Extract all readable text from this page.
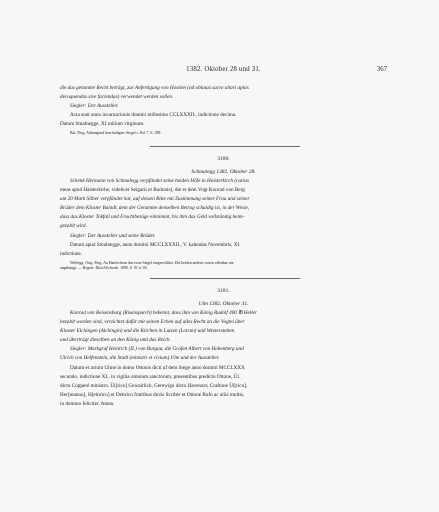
1382. Oktober 28 und 31.	367

die das genannte Recht beträgt, zur Anfertigung von Hostien (ad oblatas sacro altari aptas

decoquendas sive faciendas) verwendet werden sollen.

Siegler: Der Aussteller.

Acta sunt anno incarnacionis domini millesimo CCLXXXII., indictione decima.

Datum Smalnegge, XI milium virginum.

Bal. Perg. Abhangend beschädigtes Siegel s. Bd. 7, S. 389.

3180.

Schmalegg 1382. Oktober 28.

Schenk Hermann von Schmalegg verpfändet seine beiden Höfe in Haisterkirch (curias

meas apud Haisterkirhe, videlicet Seigarii et Rudonis), die er dem Vogt Konrad von Berg

um 20 Mark Silber verpfändet hat, auf dessen Bitte mit Zustimmung seiner Frau und seiner

Brüder dem Kloster Baindt, dem der Genannte denselben Betrag schuldig ist, in der Weise,

dass das Kloster Tokfall und Fruchtbezüge einnimmt, bis ihm das Geld vollständig heim-

gezahlt wird.

Siegler: Der Aussteller und seine Brüder.

Datum apud Smalnegge, anno domini MCCLXXXII., V. kalendas Novembris, XI.

indictione.

Wolfegg. Orig. Perg. An Hanfschnur das erste Siegel eingeschlitzt. Die beiden andern waren offenbar nie

angehängt. — Regest: DiözASchwab. 1890, S. 91 n. 93.

3181.

Ulm 1382. Oktober 31.

Konrad von Reisensburg (Risenspurch) bekennt, dass ihm von König Rudolf 400 ℔ Heller

bezahlt worden sind, verzichtet dafür mit seinen Erben auf alles Recht an die Vogtei über

Kloster Elchingen (Alchingin) und die Kirchen in Lutzen (Lotrun) und Westerstetten

und überträgt dieselben an den König und das Reich.

Siegler: Markgraf Heinrich (II.) von Burgau, die Grafen Albert von Hohenberg und

Ulrich von Helfenstein, die Stadt (ministri et civium) Ulm und der Aussteller.

Datum et actum Ulme in domo Ottonis dicti uf dem Stege anno domini MCCLXXX

secundo, indictione XI., in vigilia omnium sanctorum, presentibus predicto Ottone, Ül.

dicto Copperé ministro, Ül[rico] Gewairlich, Gerewigo dicto Havenzer, Craftone Ül[rico],

Her[manno], H[einrico] et Deitrico fratribus dictis Scriber et Ottone Rufo ac aliis multis,

in domino feliciter. Amen.
